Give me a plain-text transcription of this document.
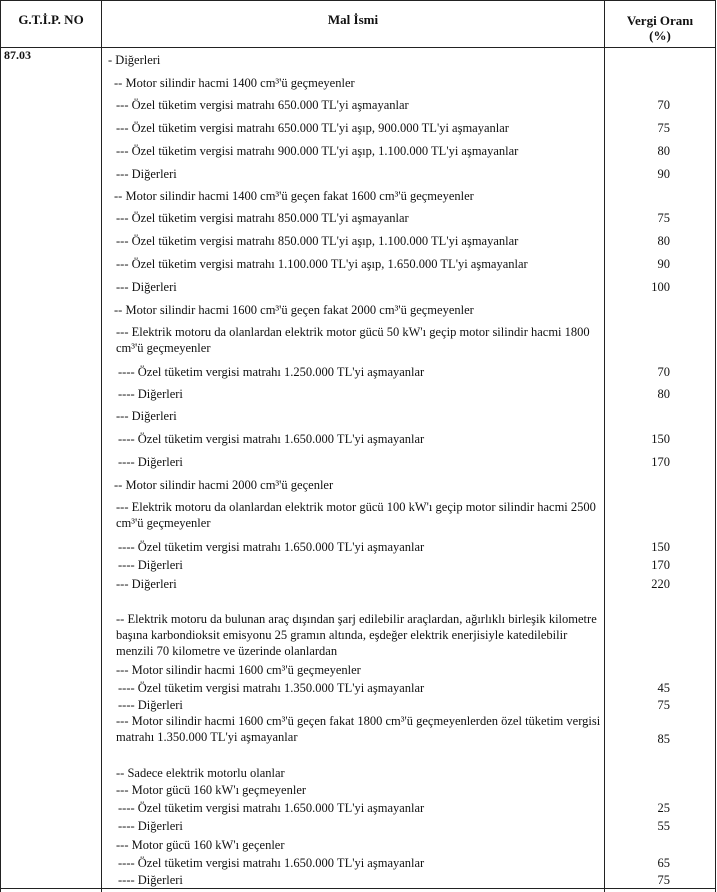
G.T.İ.P. NO	Mal İsmi	Vergi Oranı
(%)
87.03	- Diğerleri
-- Motor silindir hacmi 1400 cm³'ü geçmeyenler
--- Özel tüketim vergisi matrahı 650.000 TL'yi aşmayanlar	70
--- Özel tüketim vergisi matrahı 650.000 TL'yi aşıp, 900.000 TL'yi aşmayanlar	75
--- Özel tüketim vergisi matrahı 900.000 TL'yi aşıp, 1.100.000 TL'yi aşmayanlar	80
--- Diğerleri	90
-- Motor silindir hacmi 1400 cm³'ü geçen fakat 1600 cm³'ü geçmeyenler
--- Özel tüketim vergisi matrahı 850.000 TL'yi aşmayanlar	75
--- Özel tüketim vergisi matrahı 850.000 TL'yi aşıp, 1.100.000 TL'yi aşmayanlar	80
--- Özel tüketim vergisi matrahı 1.100.000 TL'yi aşıp, 1.650.000 TL'yi aşmayanlar	90
--- Diğerleri	100
-- Motor silindir hacmi 1600 cm³'ü geçen fakat 2000 cm³'ü geçmeyenler
--- Elektrik motoru da olanlardan elektrik motor gücü 50 kW'ı geçip motor silindir hacmi 1800 cm³'ü geçmeyenler
---- Özel tüketim vergisi matrahı 1.250.000 TL'yi aşmayanlar	70
---- Diğerleri	80
--- Diğerleri
---- Özel tüketim vergisi matrahı 1.650.000 TL'yi aşmayanlar	150
---- Diğerleri	170
-- Motor silindir hacmi 2000 cm³'ü geçenler
--- Elektrik motoru da olanlardan elektrik motor gücü 100 kW'ı geçip motor silindir hacmi 2500 cm³'ü geçmeyenler
---- Özel tüketim vergisi matrahı 1.650.000 TL'yi aşmayanlar	150
---- Diğerleri	170
--- Diğerleri	220
-- Elektrik motoru da bulunan araç dışından şarj edilebilir araçlardan, ağırlıklı birleşik kilometre başına karbondioksit emisyonu 25 gramın altında, eşdeğer elektrik enerjisiyle katedilebilir menzili 70 kilometre ve üzerinde olanlardan
--- Motor silindir hacmi 1600 cm³'ü geçmeyenler
---- Özel tüketim vergisi matrahı 1.350.000 TL'yi aşmayanlar	45
---- Diğerleri	75
--- Motor silindir hacmi 1600 cm³'ü geçen fakat 1800 cm³'ü geçmeyenlerden özel tüketim vergisi matrahı 1.350.000 TL'yi aşmayanlar	85
-- Sadece elektrik motorlu olanlar
--- Motor gücü 160 kW'ı geçmeyenler
---- Özel tüketim vergisi matrahı 1.650.000 TL'yi aşmayanlar	25
---- Diğerleri	55
--- Motor gücü 160 kW'ı geçenler
---- Özel tüketim vergisi matrahı 1.650.000 TL'yi aşmayanlar	65
---- Diğerleri	75
